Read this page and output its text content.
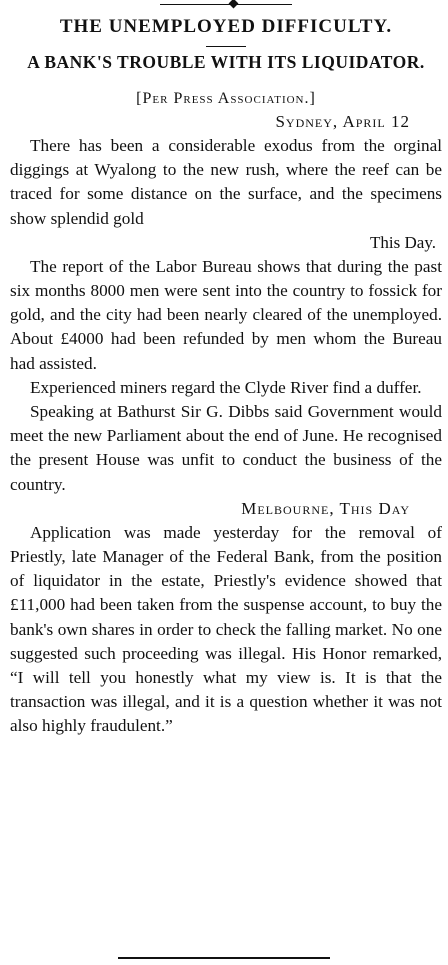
THE UNEMPLOYED DIFFICULTY.
A BANK'S TROUBLE WITH ITS LIQUIDATOR.
[Per Press Association.]
Sydney, April 12

There has been a considerable exodus from the orginal diggings at Wyalong to the new rush, where the reef can be traced for some distance on the surface, and the specimens show splendid gold

This Day.

The report of the Labor Bureau shows that during the past six months 8000 men were sent into the country to fossick for gold, and the city had been nearly cleared of the unemployed. About £4000 had been refunded by men whom the Bureau had assisted.

Experienced miners regard the Clyde River find a duffer.

Speaking at Bathurst Sir G. Dibbs said Government would meet the new Parliament about the end of June. He recognised the present House was unfit to conduct the business of the country.

Melbourne, This Day

Application was made yesterday for the removal of Priestly, late Manager of the Federal Bank, from the position of liquidator in the estate, Priestly's evidence showed that £11,000 had been taken from the suspense account, to buy the bank's own shares in order to check the falling market. No one suggested such proceeding was illegal. His Honor remarked, “I will tell you honestly what my view is. It is that the transaction was illegal, and it is a question whether it was not also highly fraudulent.”
